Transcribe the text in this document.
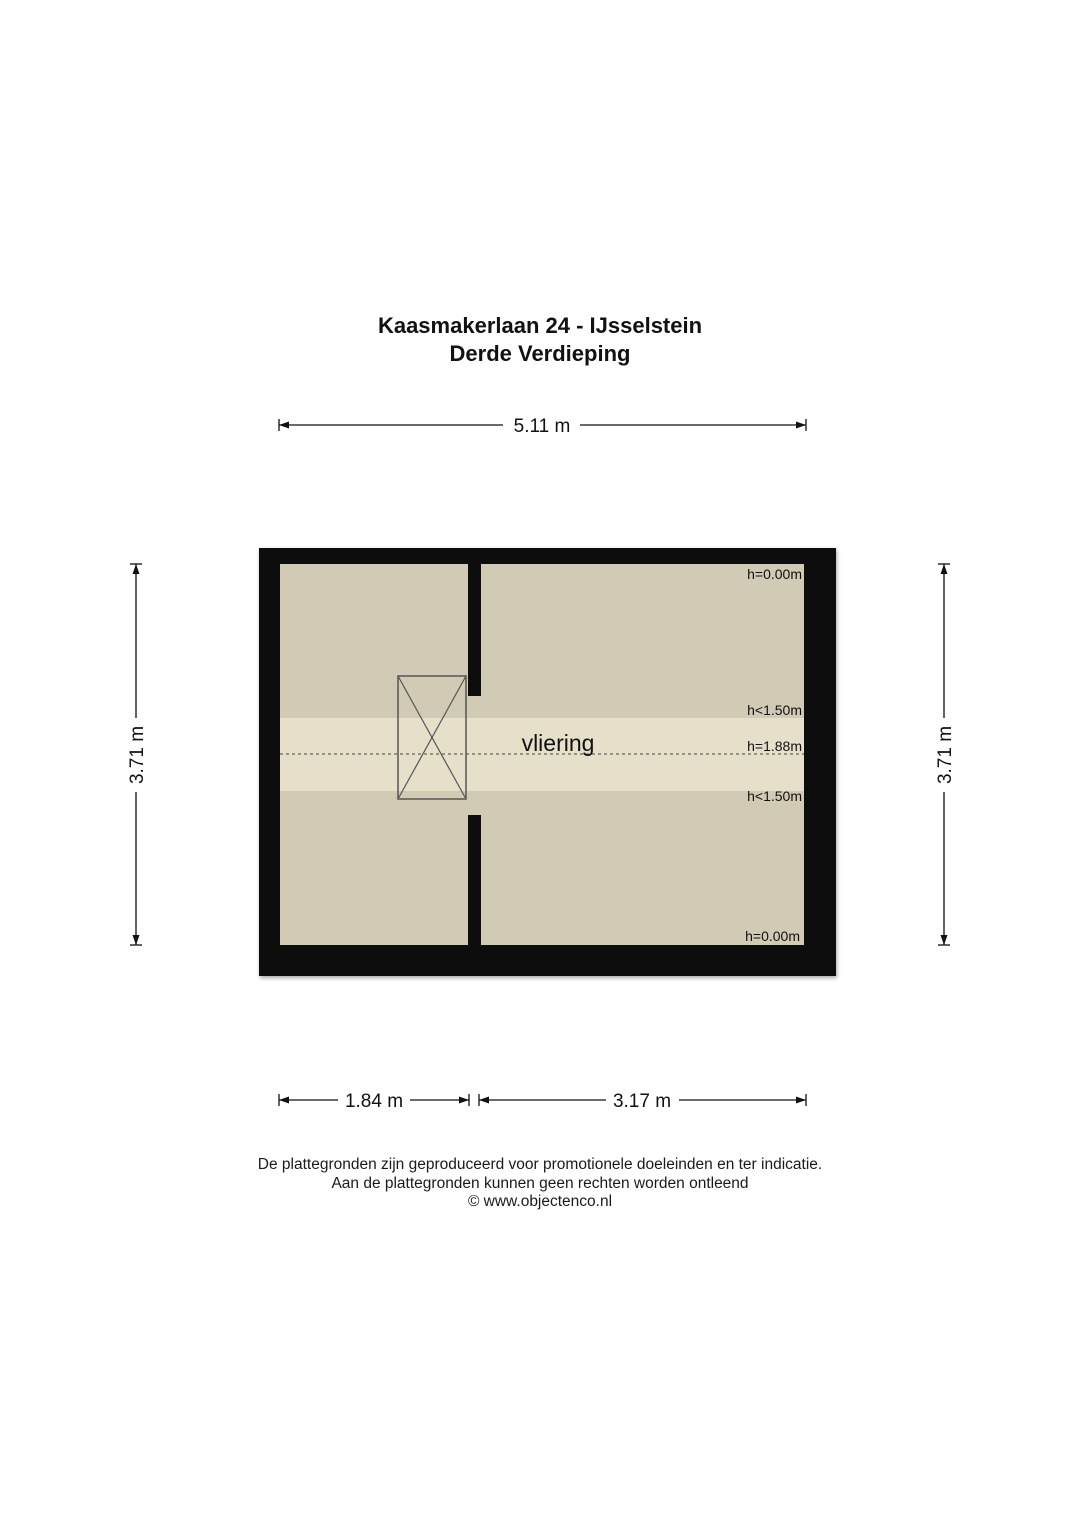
Kaasmakerlaan 24 - IJsselstein
Derde Verdieping
5.11 m
3.71 m	3.71 m
vliering
h=0.00m
h<1.50m
h=1.88m
h<1.50m
h=0.00m
1.84 m	3.17 m
De plattegronden zijn geproduceerd voor promotionele doeleinden en ter indicatie.
Aan de plattegronden kunnen geen rechten worden ontleend
© www.objectenco.nl
